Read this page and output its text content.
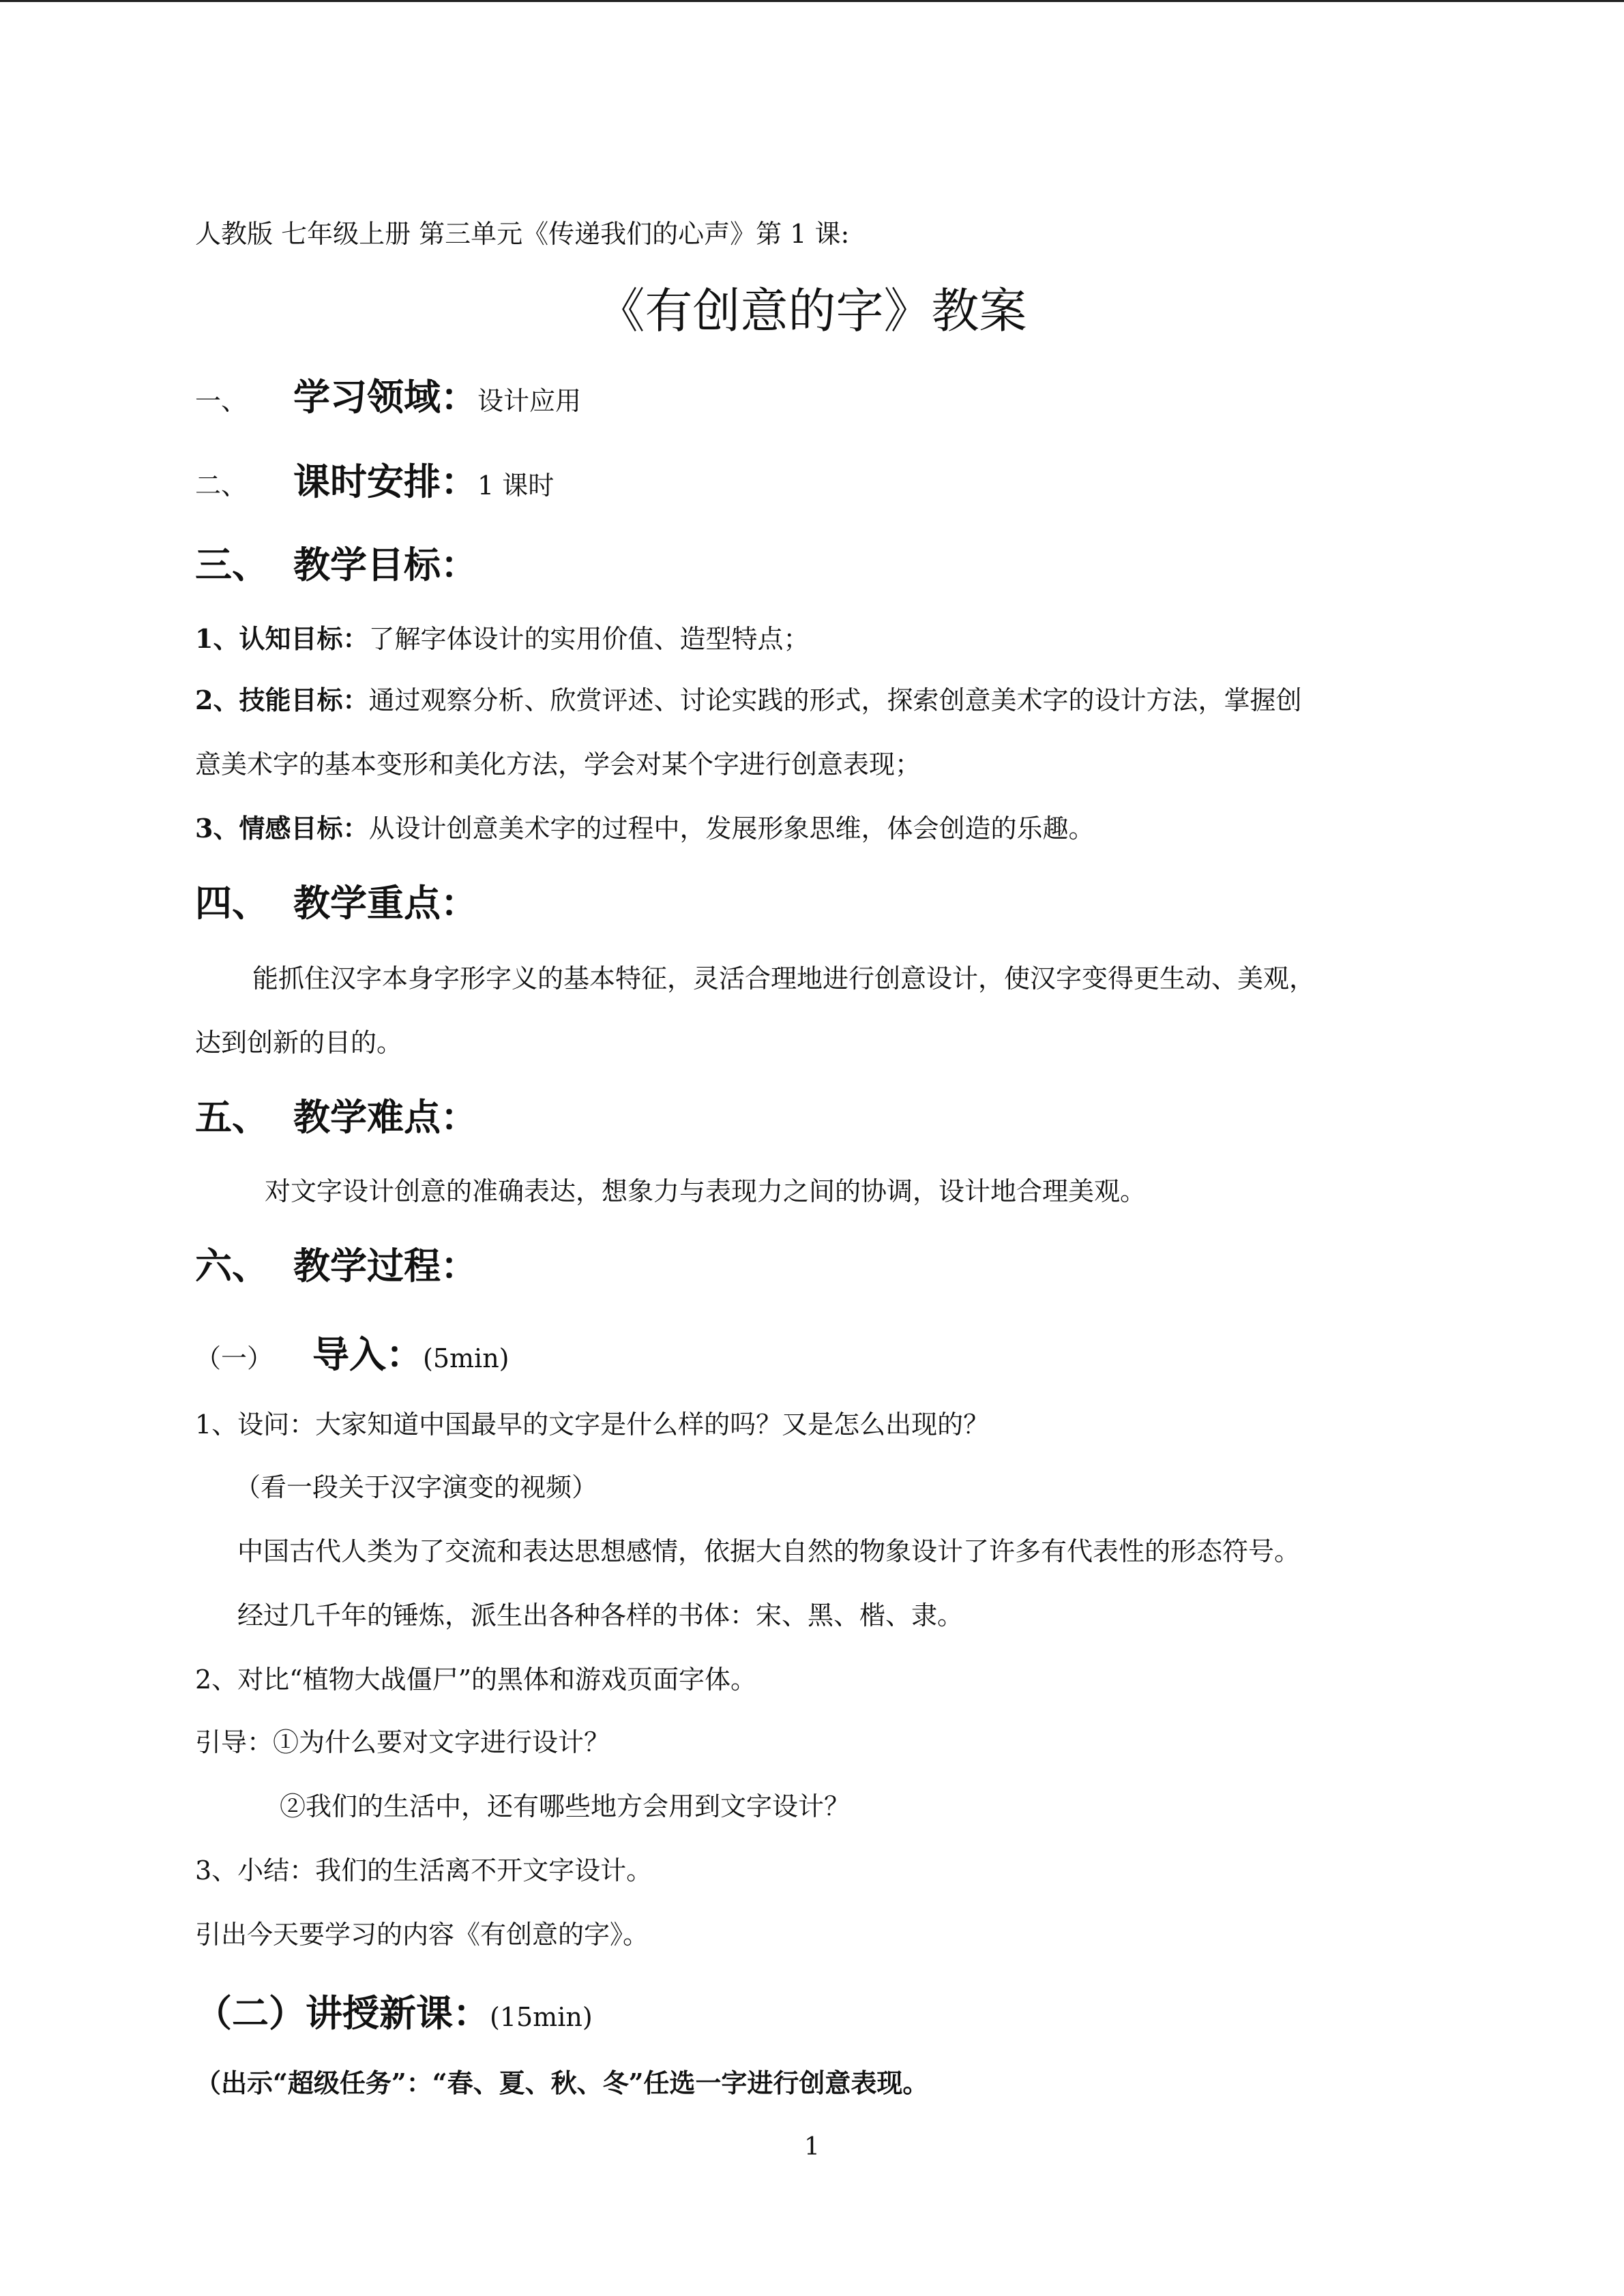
人教版 七年级上册 第三单元《传递我们的心声》第 1 课:
《有创意的字》教案
一、 学习领域：设计应用
二、 课时安排：1 课时
三、 教学目标：
1、认知目标：了解字体设计的实用价值、造型特点；
2、技能目标：通过观察分析、欣赏评述、讨论实践的形式，探索创意美术字的设计方法，掌握创
意美术字的基本变形和美化方法，学会对某个字进行创意表现；
3、情感目标：从设计创意美术字的过程中，发展形象思维，体会创造的乐趣。
四、 教学重点：
能抓住汉字本身字形字义的基本特征，灵活合理地进行创意设计，使汉字变得更生动、美观，
达到创新的目的。
五、 教学难点：
对文字设计创意的准确表达，想象力与表现力之间的协调，设计地合理美观。
六、 教学过程：
（一） 导入：(5min)
1、设问：大家知道中国最早的文字是什么样的吗？又是怎么出现的？
（看一段关于汉字演变的视频）
中国古代人类为了交流和表达思想感情，依据大自然的物象设计了许多有代表性的形态符号。
经过几千年的锤炼，派生出各种各样的书体：宋、黑、楷、隶。
2、对比“植物大战僵尸”的黑体和游戏页面字体。
引导：①为什么要对文字进行设计？
②我们的生活中，还有哪些地方会用到文字设计？
3、小结：我们的生活离不开文字设计。
引出今天要学习的内容《有创意的字》。
（二）讲授新课：(15min)
（出示“超级任务”：“春、夏、秋、冬”任选一字进行创意表现。
1
